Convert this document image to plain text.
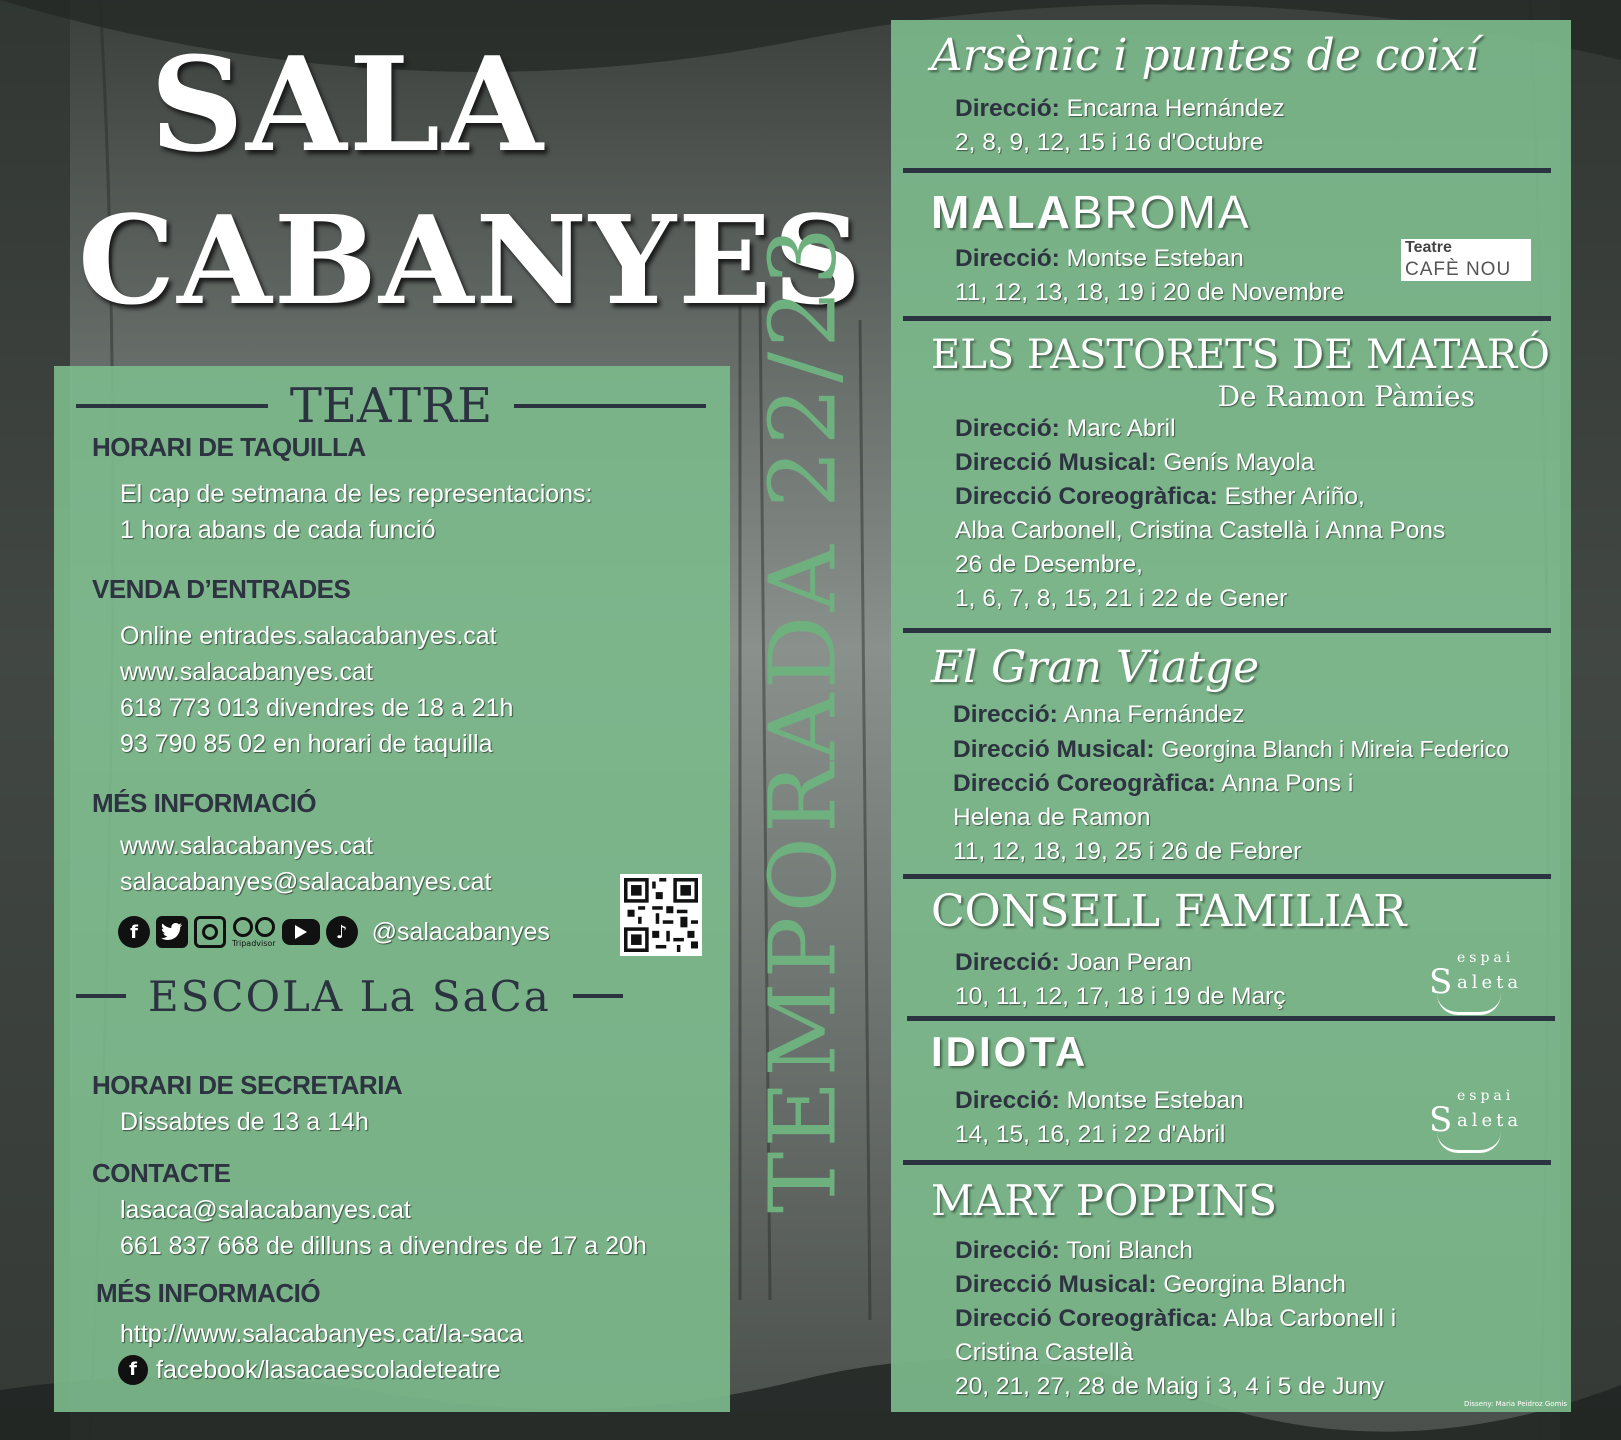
SALA
CABANYES
TEATRE
HORARI DE TAQUILLA
El cap de setmana de les representacions:
1 hora abans de cada funció
VENDA D’ENTRADES
Online entrades.salacabanyes.cat
www.salacabanyes.cat
618 773 013 divendres de 18 a 21h
93 790 85 02 en horari de taquilla
MÉS INFORMACIÓ
www.salacabanyes.cat
salacabanyes@salacabanyes.cat
f
Tripadvisor
♪ @salacabanyes
ESCOLA La SaCa
HORARI DE SECRETARIA
Dissabtes de 13 a 14h
CONTACTE
lasaca@salacabanyes.cat
661 837 668 de dilluns a divendres de 17 a 20h
MÉS INFORMACIÓ
http://www.salacabanyes.cat/la-saca
f facebook/lasacaescoladeteatre
TEMPORADA 22/23
Arsènic i puntes de coixí
Direcció: Encarna Hernández
2, 8, 9, 12, 15 i 16 d'Octubre
MALABROMA
Direcció: Montse Esteban
11, 12, 13, 18, 19 i 20 de Novembre
Teatre
CAFÈ NOU
ELS PASTORETS DE MATARÓ
De Ramon Pàmies
Direcció: Marc Abril
Direcció Musical: Genís Mayola
Direcció Coreogràfica: Esther Ariño,
Alba Carbonell, Cristina Castellà i Anna Pons
26 de Desembre,
1, 6, 7, 8, 15, 21 i 22 de Gener
El Gran Viatge
Direcció: Anna Fernández
Direcció Musical: Georgina Blanch i Mireia Federico
Direcció Coreogràfica: Anna Pons i
Helena de Ramon
11, 12, 18, 19, 25 i 26 de Febrer
CONSELL FAMILIAR
Direcció: Joan Peran
10, 11, 12, 17, 18 i 19 de Març
espai
S aleta
IDIOTA
Direcció: Montse Esteban
14, 15, 16, 21 i 22 d'Abril
espai
S aleta
MARY POPPINS
Direcció: Toni Blanch
Direcció Musical: Georgina Blanch
Direcció Coreogràfica: Alba Carbonell i
Cristina Castellà
20, 21, 27, 28 de Maig i 3, 4 i 5 de Juny
Disseny: Maria Peidroz Gomis
